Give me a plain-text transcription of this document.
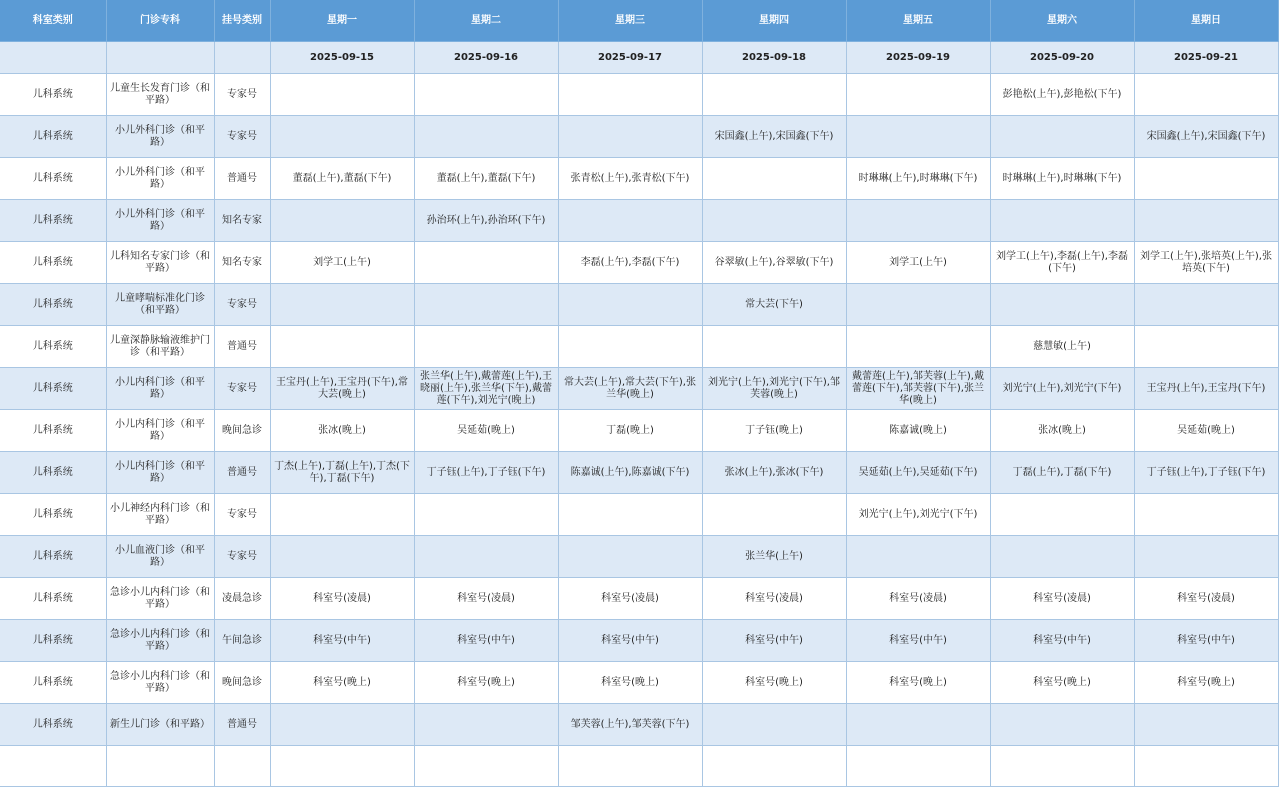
科室类别	门诊专科	挂号类别	星期一	星期二	星期三	星期四	星期五	星期六	星期日
			2025-09-15	2025-09-16	2025-09-17	2025-09-18	2025-09-19	2025-09-20	2025-09-21
儿科系统	儿童生长发育门诊（和平路）	专家号						彭艳松(上午),彭艳松(下午)	
儿科系统	小儿外科门诊（和平路）	专家号				宋国鑫(上午),宋国鑫(下午)			宋国鑫(上午),宋国鑫(下午)
儿科系统	小儿外科门诊（和平路）	普通号	董磊(上午),董磊(下午)	董磊(上午),董磊(下午)	张青松(上午),张青松(下午)		时琳琳(上午),时琳琳(下午)	时琳琳(上午),时琳琳(下午)	
儿科系统	小儿外科门诊（和平路）	知名专家		孙治环(上午),孙治环(下午)					
儿科系统	儿科知名专家门诊（和平路）	知名专家	刘学工(上午)		李磊(上午),李磊(下午)	谷翠敏(上午),谷翠敏(下午)	刘学工(上午)	刘学工(上午),李磊(上午),李磊(下午)	刘学工(上午),张培英(上午),张培英(下午)
儿科系统	儿童哮喘标准化门诊（和平路）	专家号				常大芸(下午)			
儿科系统	儿童深静脉输液维护门诊（和平路）	普通号						慈慧敏(上午)	
儿科系统	小儿内科门诊（和平路）	专家号	王宝丹(上午),王宝丹(下午),常大芸(晚上)	张兰华(上午),戴蕾莲(上午),王晓丽(上午),张兰华(下午),戴蕾莲(下午),刘光宁(晚上)	常大芸(上午),常大芸(下午),张兰华(晚上)	刘光宁(上午),刘光宁(下午),邹芙蓉(晚上)	戴蕾莲(上午),邹芙蓉(上午),戴蕾莲(下午),邹芙蓉(下午),张兰华(晚上)	刘光宁(上午),刘光宁(下午)	王宝丹(上午),王宝丹(下午)
儿科系统	小儿内科门诊（和平路）	晚间急诊	张冰(晚上)	吴延茹(晚上)	丁磊(晚上)	丁子钰(晚上)	陈嘉诚(晚上)	张冰(晚上)	吴延茹(晚上)
儿科系统	小儿内科门诊（和平路）	普通号	丁杰(上午),丁磊(上午),丁杰(下午),丁磊(下午)	丁子钰(上午),丁子钰(下午)	陈嘉诚(上午),陈嘉诚(下午)	张冰(上午),张冰(下午)	吴延茹(上午),吴延茹(下午)	丁磊(上午),丁磊(下午)	丁子钰(上午),丁子钰(下午)
儿科系统	小儿神经内科门诊（和平路）	专家号					刘光宁(上午),刘光宁(下午)		
儿科系统	小儿血液门诊（和平路）	专家号				张兰华(上午)			
儿科系统	急诊小儿内科门诊（和平路）	凌晨急诊	科室号(凌晨)	科室号(凌晨)	科室号(凌晨)	科室号(凌晨)	科室号(凌晨)	科室号(凌晨)	科室号(凌晨)
儿科系统	急诊小儿内科门诊（和平路）	午间急诊	科室号(中午)	科室号(中午)	科室号(中午)	科室号(中午)	科室号(中午)	科室号(中午)	科室号(中午)
儿科系统	急诊小儿内科门诊（和平路）	晚间急诊	科室号(晚上)	科室号(晚上)	科室号(晚上)	科室号(晚上)	科室号(晚上)	科室号(晚上)	科室号(晚上)
儿科系统	新生儿门诊（和平路）	普通号			邹芙蓉(上午),邹芙蓉(下午)				
